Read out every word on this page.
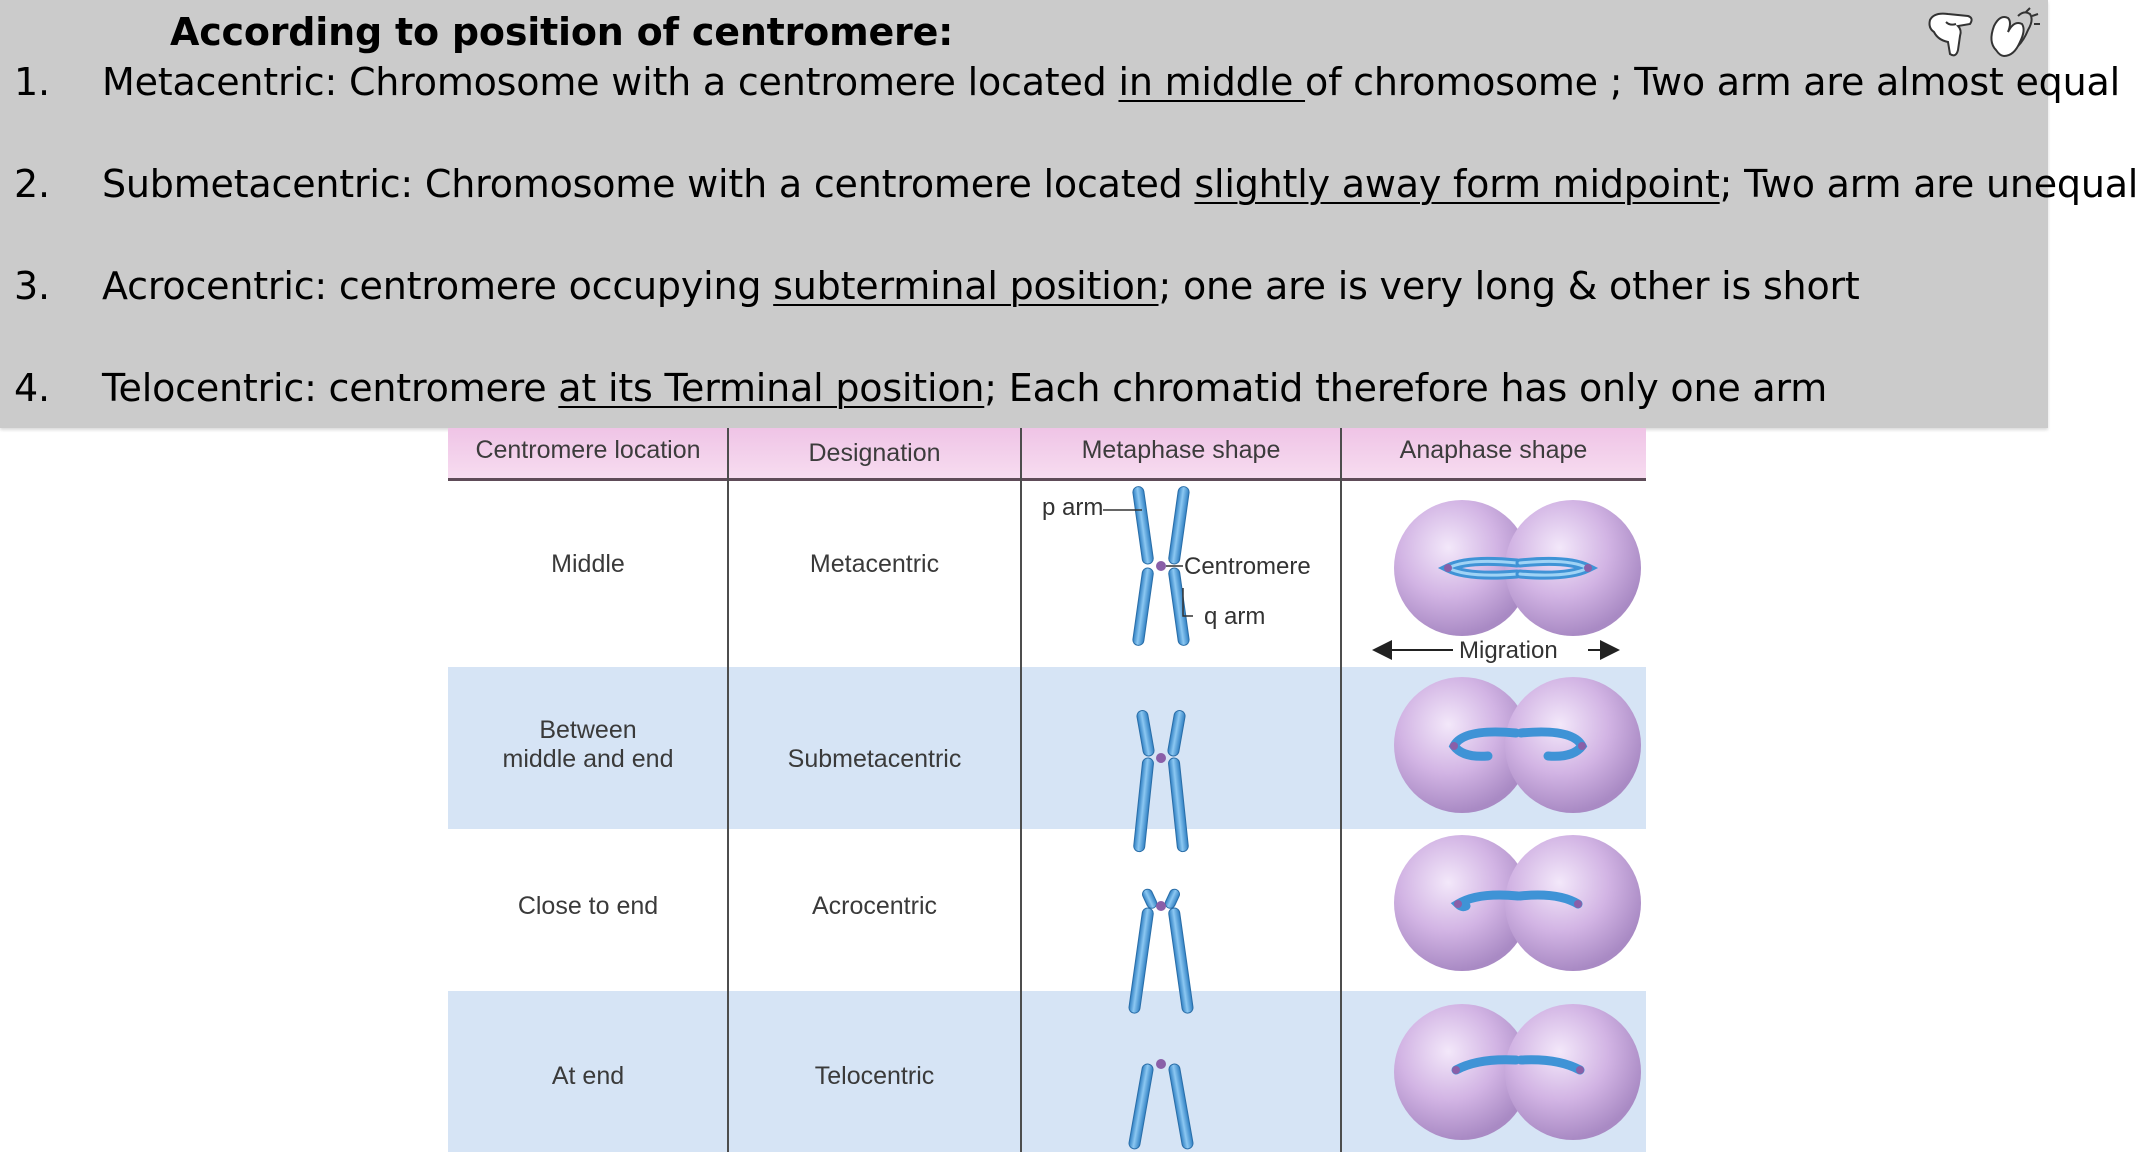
According to position of centromere:
1. Metacentric: Chromosome with a centromere located in middle of chromosome ; Two arm are almost equal
2. Submetacentric: Chromosome with a centromere located slightly away form midpoint; Two arm are unequal
3. Acrocentric: centromere occupying subterminal position; one are is very long & other is short
4. Telocentric: centromere at its Terminal position; Each chromatid therefore has only one arm
Centromere location	Designation	Metaphase shape	Anaphase shape
Middle	Metacentric
Between
middle and end	Submetacentric
Close to end	Acrocentric
At end	Telocentric
p arm
Centromere
q arm
Migration
